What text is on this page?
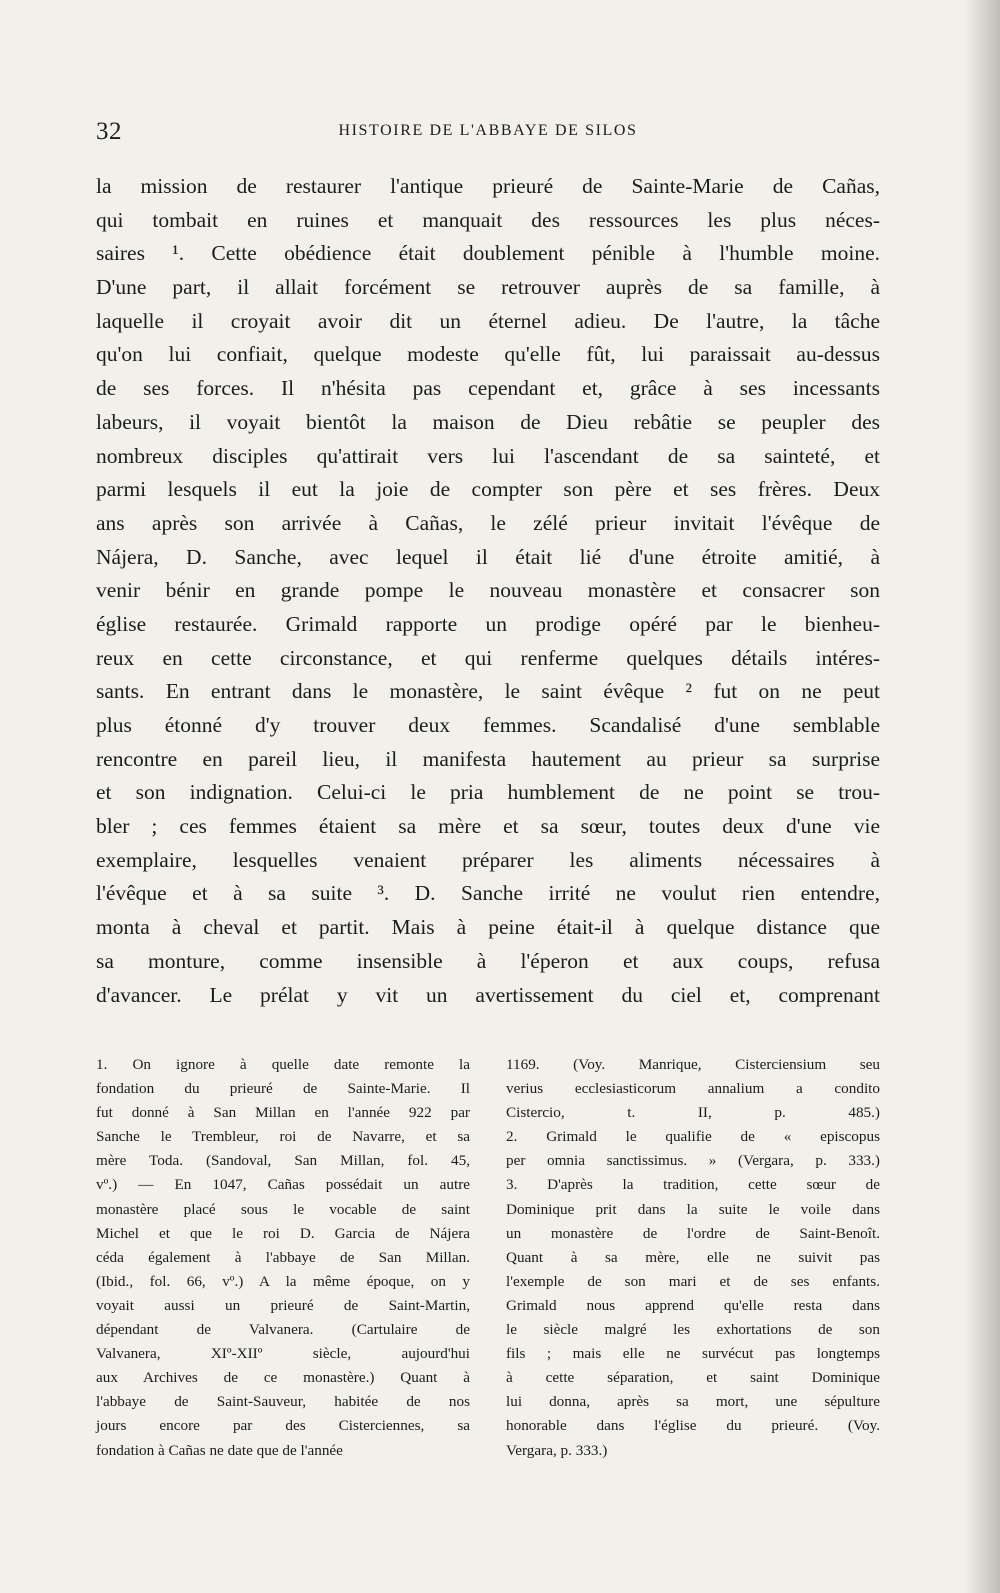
32	HISTOIRE DE L'ABBAYE DE SILOS
la mission de restaurer l'antique prieuré de Sainte-Marie de Cañas,
qui tombait en ruines et manquait des ressources les plus néces-
saires ¹. Cette obédience était doublement pénible à l'humble moine.
D'une part, il allait forcément se retrouver auprès de sa famille, à
laquelle il croyait avoir dit un éternel adieu. De l'autre, la tâche
qu'on lui confiait, quelque modeste qu'elle fût, lui paraissait au-dessus
de ses forces. Il n'hésita pas cependant et, grâce à ses incessants
labeurs, il voyait bientôt la maison de Dieu rebâtie se peupler des
nombreux disciples qu'attirait vers lui l'ascendant de sa sainteté, et
parmi lesquels il eut la joie de compter son père et ses frères. Deux
ans après son arrivée à Cañas, le zélé prieur invitait l'évêque de
Nájera, D. Sanche, avec lequel il était lié d'une étroite amitié, à
venir bénir en grande pompe le nouveau monastère et consacrer son
église restaurée. Grimald rapporte un prodige opéré par le bienheu-
reux en cette circonstance, et qui renferme quelques détails intéres-
sants. En entrant dans le monastère, le saint évêque ² fut on ne peut
plus étonné d'y trouver deux femmes. Scandalisé d'une semblable
rencontre en pareil lieu, il manifesta hautement au prieur sa surprise
et son indignation. Celui-ci le pria humblement de ne point se trou-
bler ; ces femmes étaient sa mère et sa sœur, toutes deux d'une vie
exemplaire, lesquelles venaient préparer les aliments nécessaires à
l'évêque et à sa suite ³. D. Sanche irrité ne voulut rien entendre,
monta à cheval et partit. Mais à peine était-il à quelque distance que
sa monture, comme insensible à l'éperon et aux coups, refusa
d'avancer. Le prélat y vit un avertissement du ciel et, comprenant
1. On ignore à quelle date remonte la
fondation du prieuré de Sainte-Marie. Il
fut donné à San Millan en l'année 922 par
Sanche le Trembleur, roi de Navarre, et sa
mère Toda. (Sandoval, San Millan, fol. 45,
vº.) — En 1047, Cañas possédait un autre
monastère placé sous le vocable de saint
Michel et que le roi D. Garcia de Nájera
céda également à l'abbaye de San Millan.
(Ibid., fol. 66, vº.) A la même époque, on y
voyait aussi un prieuré de Saint-Martin,
dépendant de Valvanera. (Cartulaire de
Valvanera, XIº-XIIº siècle, aujourd'hui
aux Archives de ce monastère.) Quant à
l'abbaye de Saint-Sauveur, habitée de nos
jours encore par des Cisterciennes, sa
fondation à Cañas ne date que de l'année
1169. (Voy. Manrique, Cisterciensium seu
verius ecclesiasticorum annalium a condito
Cistercio, t. II, p. 485.)
2. Grimald le qualifie de « episcopus
per omnia sanctissimus. » (Vergara, p. 333.)
3. D'après la tradition, cette sœur de
Dominique prit dans la suite le voile dans
un monastère de l'ordre de Saint-Benoît.
Quant à sa mère, elle ne suivit pas
l'exemple de son mari et de ses enfants.
Grimald nous apprend qu'elle resta dans
le siècle malgré les exhortations de son
fils ; mais elle ne survécut pas longtemps
à cette séparation, et saint Dominique
lui donna, après sa mort, une sépulture
honorable dans l'église du prieuré. (Voy.
Vergara, p. 333.)
